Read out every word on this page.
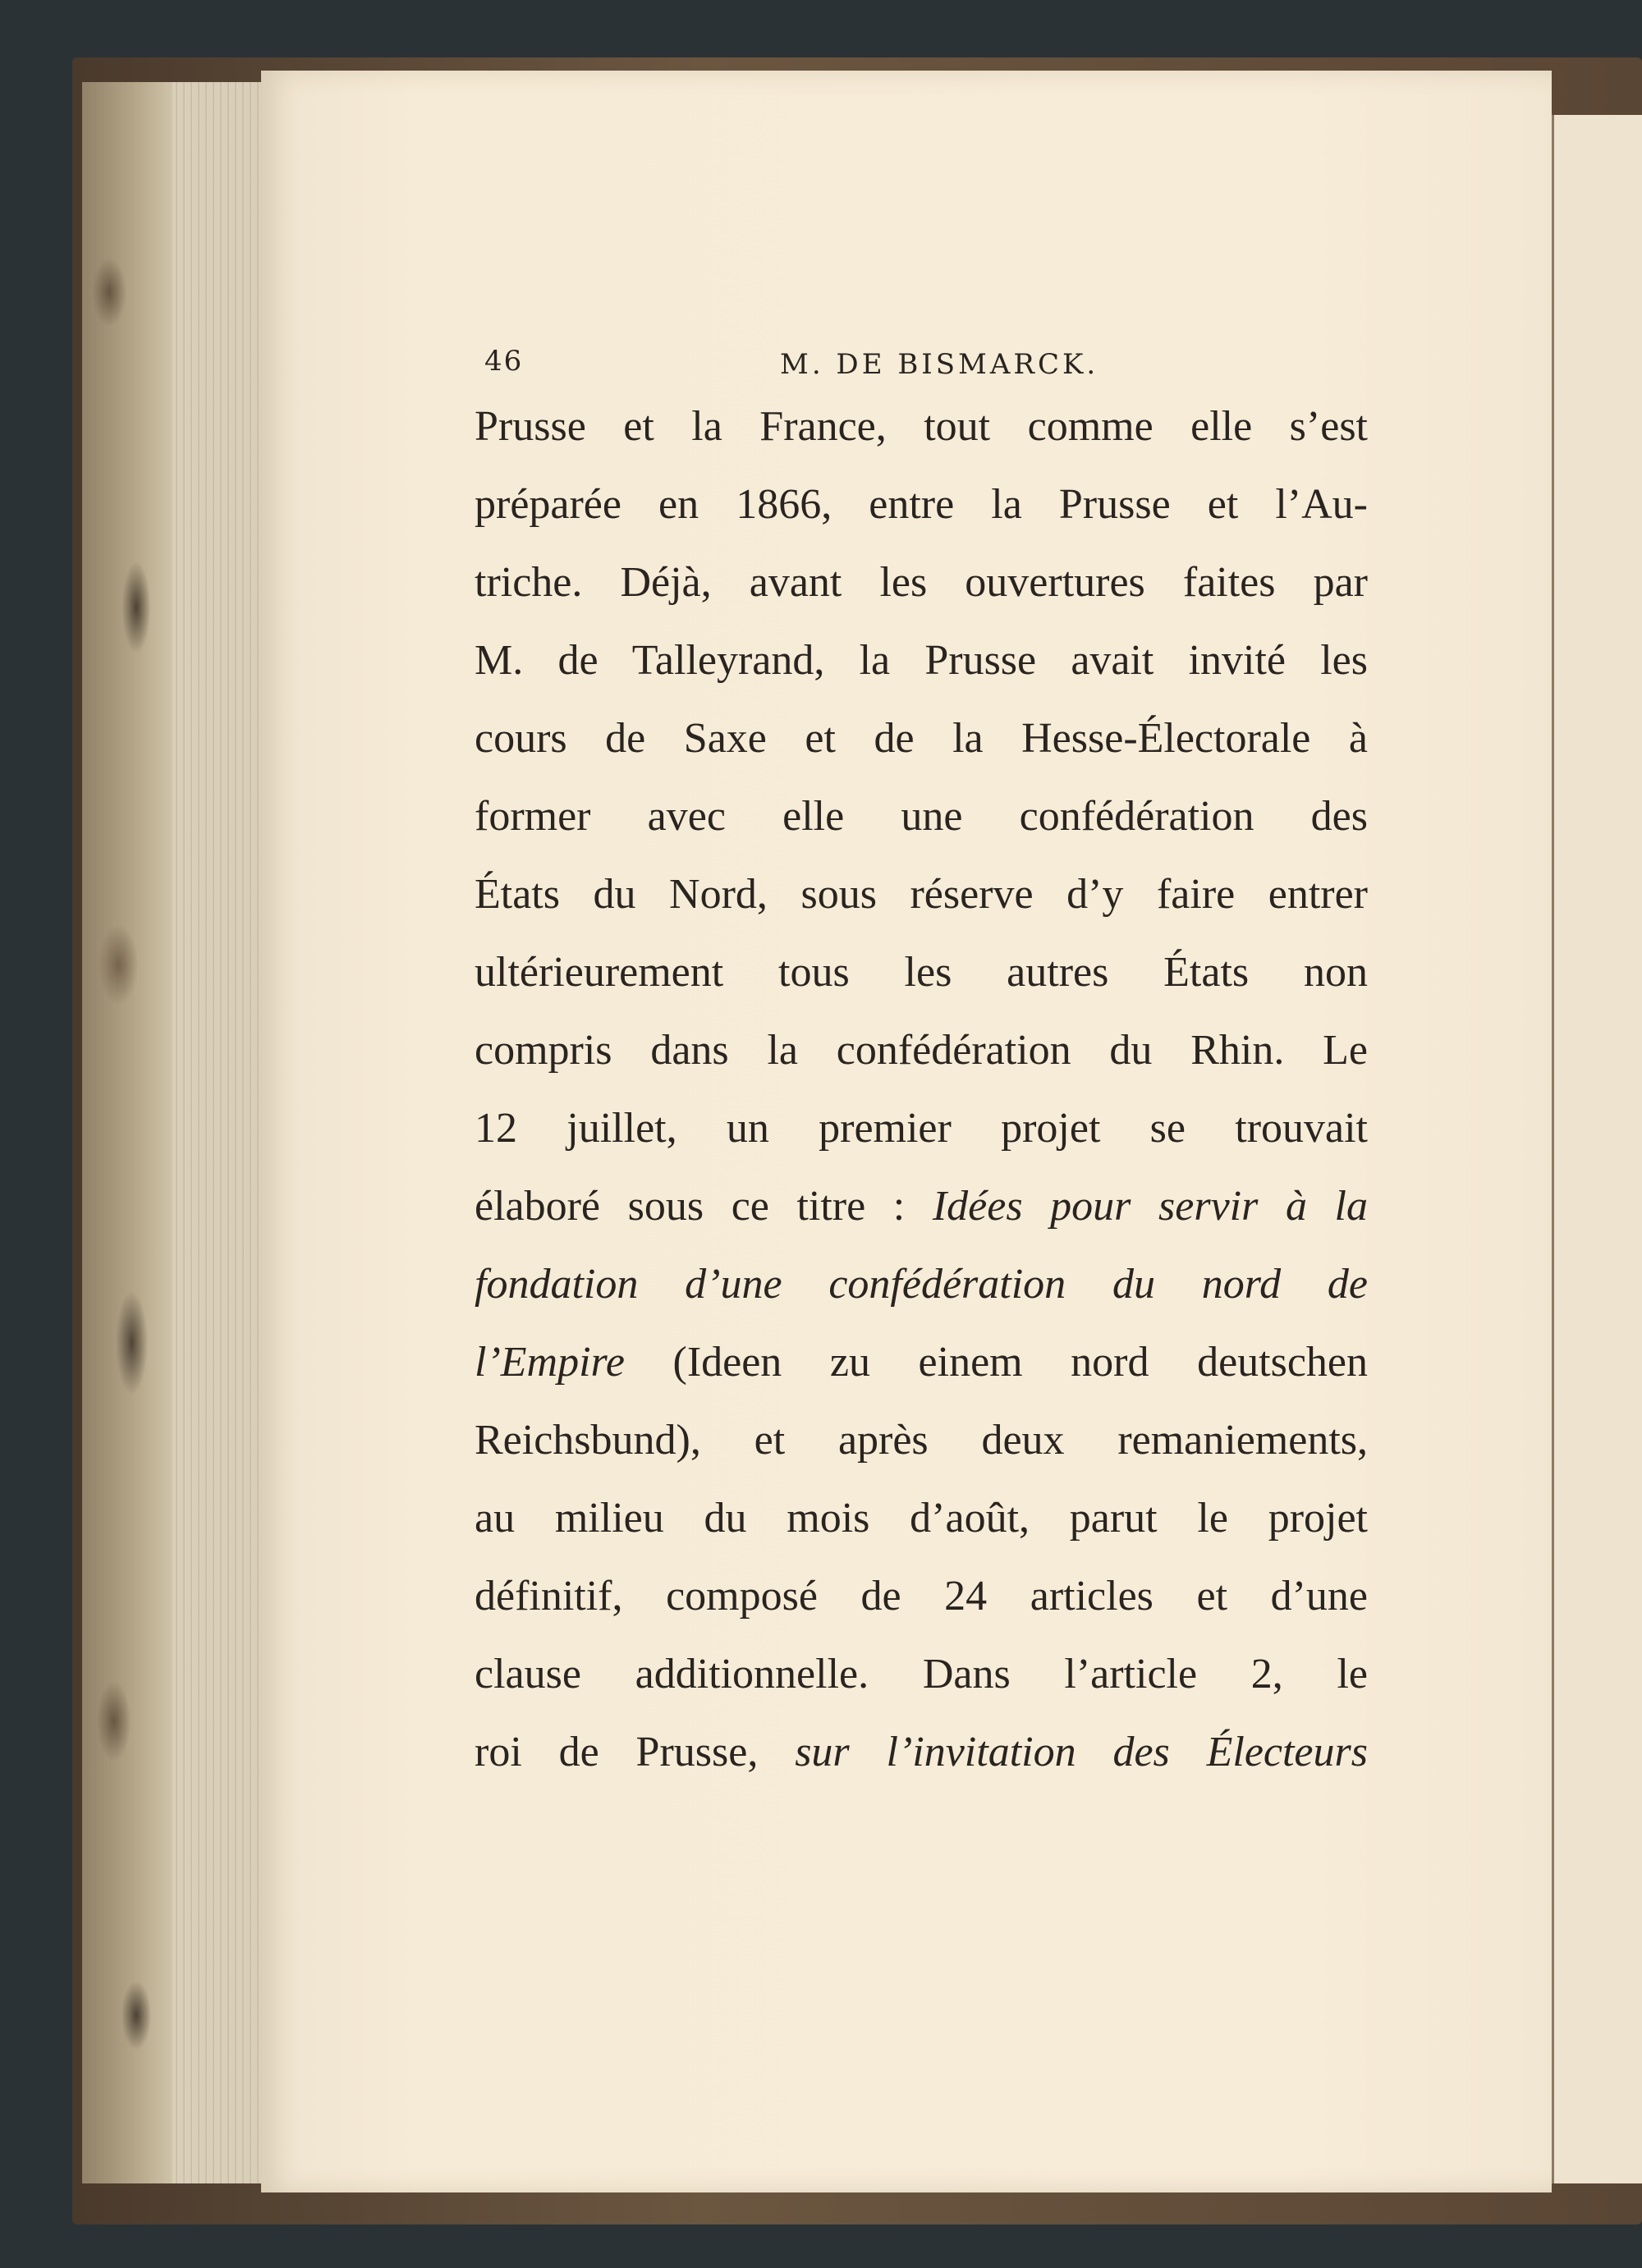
46	M. DE BISMARCK.
Prusse et la France, tout comme elle s’est
préparée en 1866, entre la Prusse et l’Au-
triche. Déjà, avant les ouvertures faites par
M. de Talleyrand, la Prusse avait invité les
cours de Saxe et de la Hesse-Électorale à
former avec elle une confédération des
États du Nord, sous réserve d’y faire entrer
ultérieurement tous les autres États non
compris dans la confédération du Rhin. Le
12 juillet, un premier projet se trouvait
élaboré sous ce titre : Idées pour servir à la
fondation d’une confédération du nord de
l’Empire (Ideen zu einem nord deutschen
Reichsbund), et après deux remaniements,
au milieu du mois d’août, parut le projet
définitif, composé de 24 articles et d’une
clause additionnelle. Dans l’article 2, le
roi de Prusse, sur l’invitation des Électeurs
